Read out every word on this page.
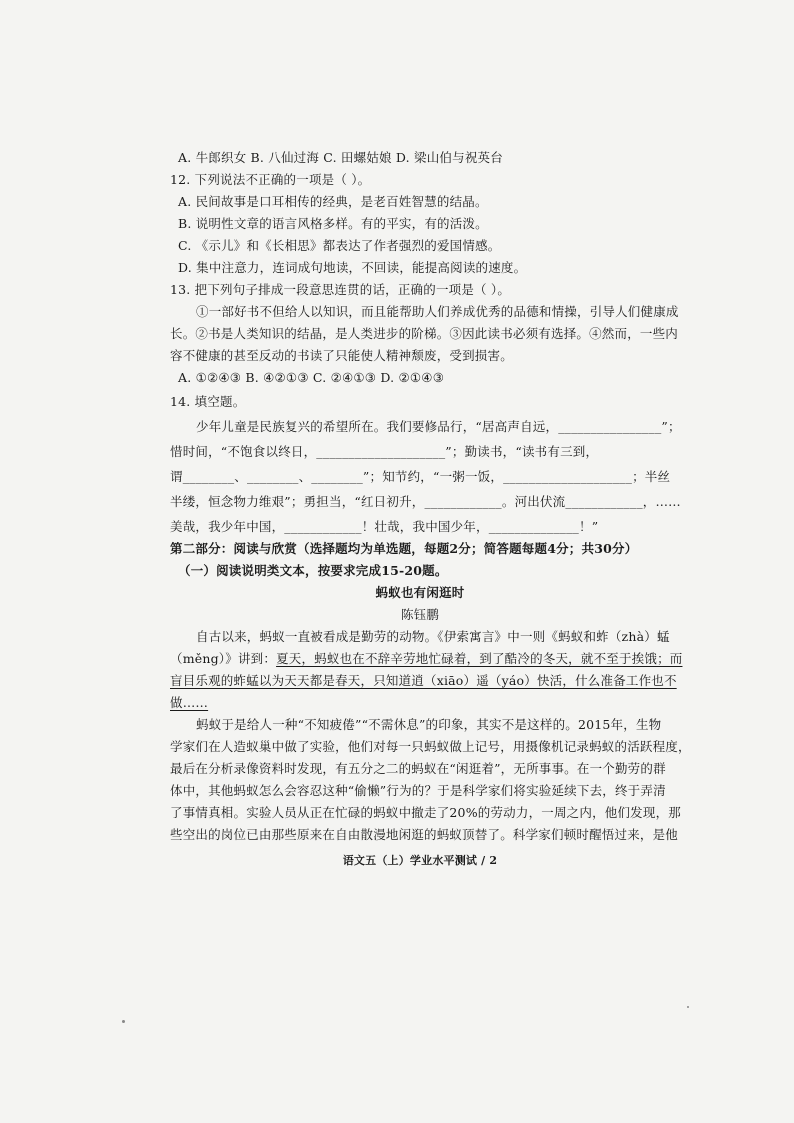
A. 牛郎织女 B. 八仙过海 C. 田螺姑娘 D. 梁山伯与祝英台
12. 下列说法不正确的一项是（ ）。
A. 民间故事是口耳相传的经典，是老百姓智慧的结晶。
B. 说明性文章的语言风格多样。有的平实，有的活泼。
C. 《示儿》和《长相思》都表达了作者强烈的爱国情感。
D. 集中注意力，连词成句地读，不回读，能提高阅读的速度。
13. 把下列句子排成一段意思连贯的话，正确的一项是（ ）。
①一部好书不但给人以知识，而且能帮助人们养成优秀的品德和情操，引导人们健康成
长。②书是人类知识的结晶，是人类进步的阶梯。③因此读书必须有选择。④然而，一些内
容不健康的甚至反动的书读了只能使人精神颓废，受到损害。
A. ①②④③ B. ④②①③ C. ②④①③ D. ②①④③
14. 填空题。
少年儿童是民族复兴的希望所在。我们要修品行，“居高声自远，________________”；
惜时间，“不饱食以终日，____________________”；勤读书，“读书有三到，
谓________、________、________”；知节约，“一粥一饭，____________________；半丝
半缕，恒念物力维艰”；勇担当，“红日初升，____________。河出伏流____________，……
美哉，我少年中国，____________！壮哉，我中国少年，______________！”
第二部分：阅读与欣赏（选择题均为单选题，每题2分；简答题每题4分；共30分）
（一）阅读说明类文本，按要求完成15-20题。
蚂蚁也有闲逛时
陈钰鹏
自古以来，蚂蚁一直被看成是勤劳的动物。《伊索寓言》中一则《蚂蚁和蚱（zhà）蜢
（měng）》讲到：夏天，蚂蚁也在不辞辛劳地忙碌着，到了酷冷的冬天，就不至于挨饿；而
盲目乐观的蚱蜢以为天天都是春天，只知道逍（xiāo）遥（yáo）快活，什么准备工作也不
做……
蚂蚁于是给人一种“不知疲倦”“不需休息”的印象，其实不是这样的。2015年，生物
学家们在人造蚁巢中做了实验，他们对每一只蚂蚁做上记号，用摄像机记录蚂蚁的活跃程度，
最后在分析录像资料时发现，有五分之二的蚂蚁在“闲逛着”，无所事事。在一个勤劳的群
体中，其他蚂蚁怎么会容忍这种“偷懒”行为的？于是科学家们将实验延续下去，终于弄清
了事情真相。实验人员从正在忙碌的蚂蚁中撤走了20%的劳动力，一周之内，他们发现，那
些空出的岗位已由那些原来在自由散漫地闲逛的蚂蚁顶替了。科学家们顿时醒悟过来，是他
语文五（上）学业水平测试 / 2
